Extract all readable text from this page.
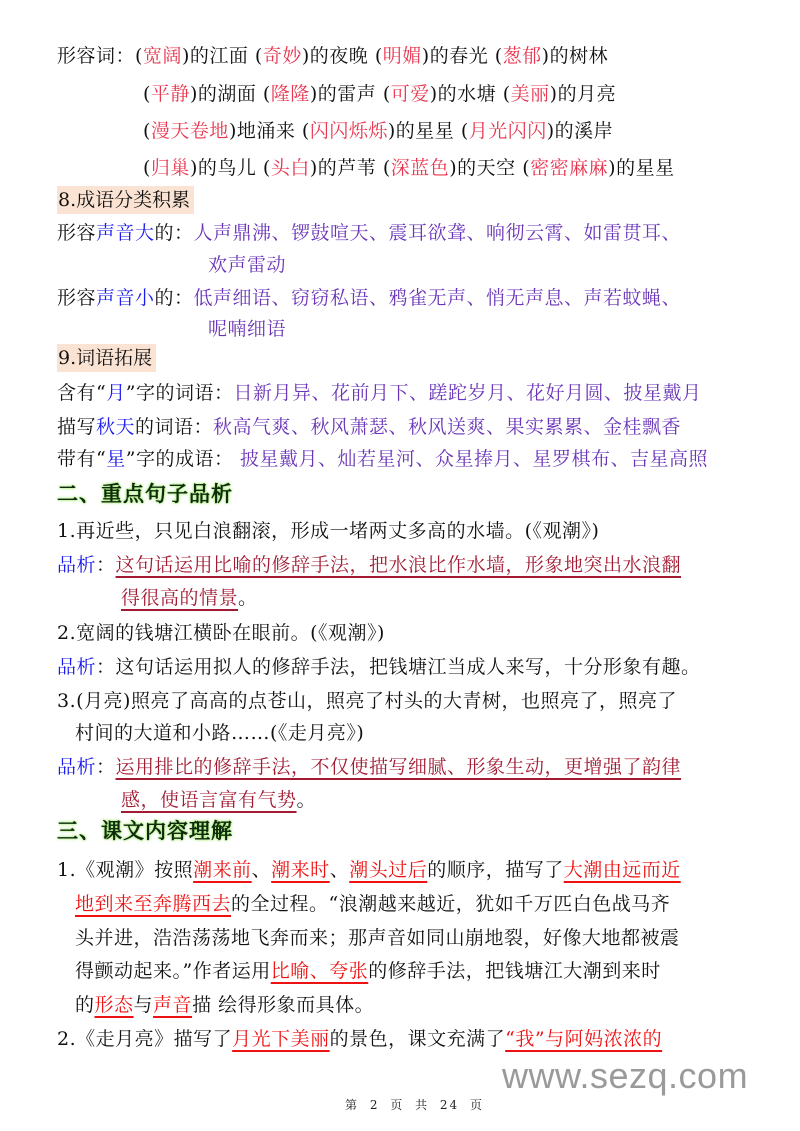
形容词：(宽阔)的江面 (奇妙)的夜晚 (明媚)的春光 (葱郁)的树林
(平静)的湖面 (隆隆)的雷声 (可爱)的水塘 (美丽)的月亮
(漫天卷地)地涌来 (闪闪烁烁)的星星 (月光闪闪)的溪岸
(归巢)的鸟儿 (头白)的芦苇 (深蓝色)的天空 (密密麻麻)的星星
8.成语分类积累
形容声音大的：人声鼎沸、锣鼓喧天、震耳欲聋、响彻云霄、如雷贯耳、
欢声雷动
形容声音小的：低声细语、窃窃私语、鸦雀无声、悄无声息、声若蚊蝇、
呢喃细语
9.词语拓展
含有“月”字的词语：日新月异、花前月下、蹉跎岁月、花好月圆、披星戴月
描写秋天的词语：秋高气爽、秋风萧瑟、秋风送爽、果实累累、金桂飘香
带有“星”字的成语： 披星戴月、灿若星河、众星捧月、星罗棋布、吉星高照
二、重点句子品析
1.再近些，只见白浪翻滚，形成一堵两丈多高的水墙。(《观潮》)
品析：这句话运用比喻的修辞手法，把水浪比作水墙，形象地突出水浪翻
得很高的情景。
2.宽阔的钱塘江横卧在眼前。(《观潮》)
品析：这句话运用拟人的修辞手法，把钱塘江当成人来写，十分形象有趣。
3.(月亮)照亮了高高的点苍山，照亮了村头的大青树，也照亮了，照亮了
村间的大道和小路……(《走月亮》)
品析：运用排比的修辞手法，不仅使描写细腻、形象生动，更增强了韵律
感，使语言富有气势。
三、课文内容理解
1.《观潮》按照潮来前、潮来时、潮头过后的顺序，描写了大潮由远而近
地到来至奔腾西去的全过程。“浪潮越来越近，犹如千万匹白色战马齐
头并进，浩浩荡荡地飞奔而来；那声音如同山崩地裂，好像大地都被震
得颤动起来。”作者运用比喻、夸张的修辞手法，把钱塘江大潮到来时
的形态与声音描 绘得形象而具体。
2.《走月亮》描写了月光下美丽的景色，课文充满了“我”与阿妈浓浓的
www.sezq.com
第 2 页 共 24 页
